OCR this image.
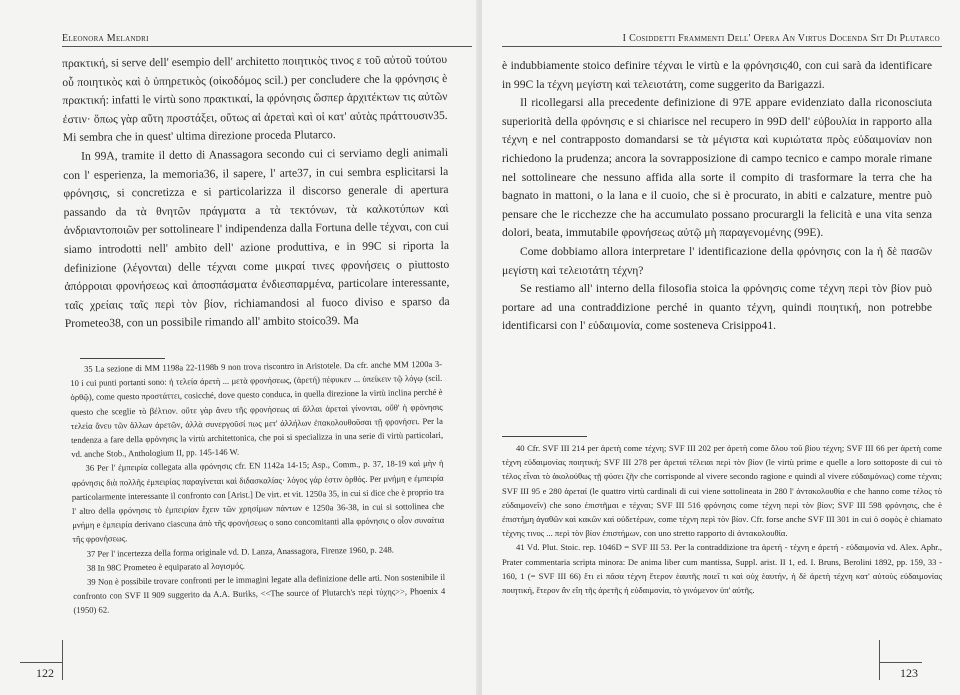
Eleonora Melandri

πρακτική, si serve dell' esempio dell' architetto ποιητικὸς τινος ε τοῦ αὐτοῦ τούτου οὗ ποιητικὸς καὶ ὁ ὑπηρετικὸς (οἰκοδόμος scil.) per concludere che la φρόνησις è πρακτική: infatti le virtù sono πρακτικαί, la φρόνησις ὥσπερ ἀρχιτέκτων τις αὐτῶν ἐστιν· ὅπως γὰρ αὕτη προστάξει, οὕτως αἱ ἀρεταὶ καὶ οἱ κατ' αὐτὰς πράττουσιν35. Mi sembra che in quest' ultima direzione proceda Plutarco.

In 99A, tramite il detto di Anassagora secondo cui ci serviamo degli animali con l' esperienza, la memoria36, il sapere, l' arte37, in cui sembra esplicitarsi la φρόνησις, si concretizza e si particolarizza il discorso generale di apertura passando da τὰ θνητῶν πράγματα a τὰ τεκτόνων, τὰ καλκοτύπων καὶ ἀνδριαντοποιῶν per sottolineare l' indipendenza dalla Fortuna delle τέχναι, con cui siamo introdotti nell' ambito dell' azione produttiva, e in 99C si riporta la definizione (λέγονται) delle τέχναι come μικραί τινες φρονήσεις o piuttosto ἀπόρροιαι φρονήσεως καὶ ἀποσπάσματα ἐνδιεσπαρμένα, particolare interessante, ταῖς χρείαις ταῖς περὶ τὸν βίον, richiamandosi al fuoco diviso e sparso da Prometeo38, con un possibile rimando all' ambito stoico39. Ma

35 La sezione di MM 1198a 22-1198b 9 non trova riscontro in Aristotele. Da cfr. anche MM 1200a 3-10 i cui punti portanti sono: ἡ τελεία ἀρετὴ ... μετὰ φρονήσεως, (ἀρετή) πέφυκεν ... ὑπείκειν τῷ λόγῳ (scil. ὀρθῷ), come questo προστάττει, cosicché, dove questo conduca, in quella direzione la virtù inclina perché è questo che sceglie τὸ βέλτιον. οὔτε γὰρ ἄνευ τῆς φρονήσεως αἱ ἄλλαι ἀρεταὶ γίνονται, οὔθ' ἡ φρόνησις τελεία ἄνευ τῶν ἄλλων ἀρετῶν, ἀλλὰ συνεργοῦσί πως μετ' ἀλλήλων ἐπακολουθοῦσαι τῇ φρονήσει. Per la tendenza a fare della φρόνησις la virtù architettonica, che poi si specializza in una serie di virtù particolari, vd. anche Stob., Anthologium II, pp. 145-146 W.

36 Per l' ἐμπειρία collegata alla φρόνησις cfr. EN 1142a 14-15; Asp., Comm., p. 37, 18-19 καὶ μὴν ἡ φρόνησις διὰ πολλῆς ἐμπειρίας παραγίνεται καὶ διδασκαλίας· λόγος γάρ ἐστιν ὀρθός. Per μνήμη e ἐμπειρία particolarmente interessante il confronto con [Arist.] De virt. et vit. 1250a 35, in cui si dice che è proprio tra l' altro della φρόνησις τὸ ἐμπειρίαν ἔχειν τῶν χρησίμων πάντων e 1250a 36-38, in cui si sottolinea che μνήμη e ἐμπειρία derivano ciascuna ἀπὸ τῆς φρονήσεως o sono concomitanti alla φρόνησις o οἷον συναίτια τῆς φρονήσεως.

37 Per l' incertezza della forma originale vd. D. Lanza, Anassagora, Firenze 1960, p. 248.

38 In 98C Prometeo è equiparato al λογισμός.

39 Non è possibile trovare confronti per le immagini legate alla definizione delle arti. Non sostenibile il confronto con SVF II 909 suggerito da A.A. Buriks, <<The source of Plutarch's περὶ τύχης>>, Phoenix 4 (1950) 62.

122
I Cosiddetti Frammenti Dell' Opera An Virtus Docenda Sit Di Plutarco

è indubbiamente stoico definire τέχναι le virtù e la φρόνησις40, con cui sarà da identificare in 99C la τέχνη μεγίστη καὶ τελειοτάτη, come suggerito da Barigazzi.

Il ricollegarsi alla precedente definizione di 97E appare evidenziato dalla riconosciuta superiorità della φρόνησις e si chiarisce nel recupero in 99D dell' εὐβουλία in rapporto alla τέχνη e nel contrapposto domandarsi se τὰ μέγιστα καὶ κυριώτατα πρὸς εὐδαιμονίαν non richiedono la prudenza; ancora la sovrapposizione di campo tecnico e campo morale rimane nel sottolineare che nessuno affida alla sorte il compito di trasformare la terra che ha bagnato in mattoni, o la lana e il cuoio, che si è procurato, in abiti e calzature, mentre può pensare che le ricchezze che ha accumulato possano procurargli la felicità e una vita senza dolori, beata, immutabile φρονήσεως αὐτῷ μὴ παραγενομένης (99E).

Come dobbiamo allora interpretare l' identificazione della φρόνησις con la ἡ δὲ πασῶν μεγίστη καὶ τελειοτάτη τέχνη?

Se restiamo all' interno della filosofia stoica la φρόνησις come τέχνη περὶ τὸν βίον può portare ad una contraddizione perché in quanto τέχνη, quindi ποιητική, non potrebbe identificarsi con l' εὐδαιμονία, come sosteneva Crisippo41.

40 Cfr. SVF III 214 per ἀρετὴ come τέχνη; SVF III 202 per ἀρετὴ come ὅλου τοῦ βίου τέχνη; SVF III 66 per ἀρετὴ come τέχνη εὐδαιμονίας ποιητική; SVF III 278 per ἀρεταὶ τέλειαι περὶ τὸν βίον (le virtù prime e quelle a loro sottoposte di cui τὸ τέλος εἶναι τὸ ἀκολούθως τῇ φύσει ζῆν che corrisponde al vivere secondo ragione e quindi al vivere εὐδαιμόνως) come τέχναι; SVF III 95 e 280 ἀρεταί (le quattro virtù cardinali di cui viene sottolineata in 280 l' ἀντακολουθία e che hanno come τέλος τὸ εὐδαιμονεῖν) che sono ἐπιστῆμαι e τέχναι; SVF III 516 φρόνησις come τέχνη περὶ τὸν βίον; SVF III 598 φρόνησις, che è ἐπιστήμη ἀγαθῶν καὶ κακῶν καὶ οὐδετέρων, come τέχνη περὶ τὸν βίον. Cfr. forse anche SVF III 301 in cui ὁ σοφὸς è chiamato τέχνης τινος ... περὶ τὸν βίον ἐπιστήμων, con uno stretto rapporto di ἀντακολουθία.

41 Vd. Plut. Stoic. rep. 1046D = SVF III 53. Per la contraddizione tra ἀρετή - τέχνη e ἀρετή - εὐδαιμονία vd. Alex. Aphr., Prater commentaria scripta minora: De anima liber cum mantissa, Suppl. arist. II 1, ed. I. Bruns, Berolini 1892, pp. 159, 33 - 160, 1 (= SVF III 66) ἔτι εἰ πᾶσα τέχνη ἕτερον ἑαυτῆς ποιεῖ τι καὶ οὐχ ἑαυτήν, ἡ δὲ ἀρετὴ τέχνη κατ' αὐτοὺς εὐδαιμονίας ποιητική, ἕτερον ἂν εἴη τῆς ἀρετῆς ἡ εὐδαιμονία, τὸ γινόμενον ὑπ' αὐτῆς.

123
